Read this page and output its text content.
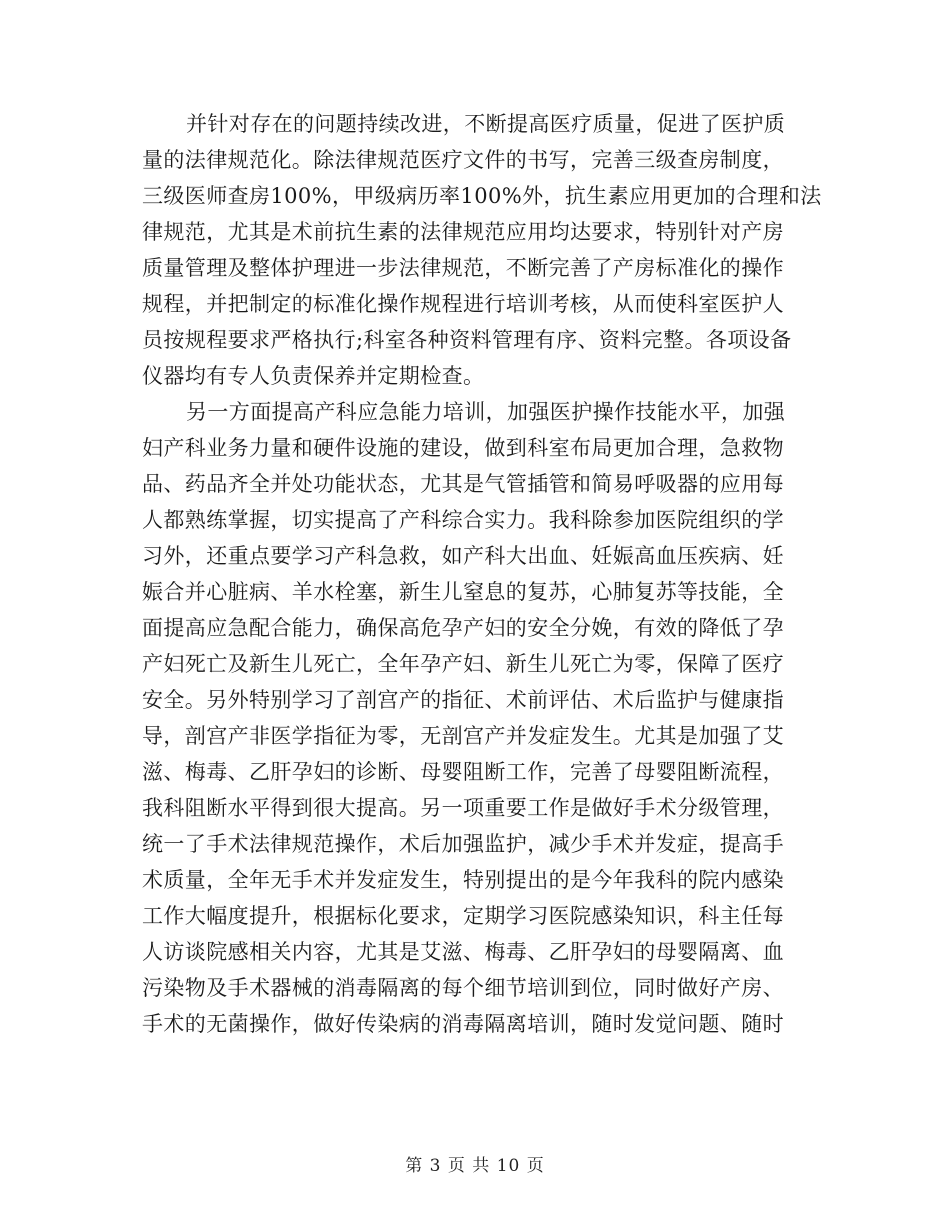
并针对存在的问题持续改进，不断提高医疗质量，促进了医护质
量的法律规范化。除法律规范医疗文件的书写，完善三级查房制度，
三级医师查房100%，甲级病历率100%外，抗生素应用更加的合理和法
律规范，尤其是术前抗生素的法律规范应用均达要求，特别针对产房
质量管理及整体护理进一步法律规范，不断完善了产房标准化的操作
规程，并把制定的标准化操作规程进行培训考核，从而使科室医护人
员按规程要求严格执行;科室各种资料管理有序、资料完整。各项设备
仪器均有专人负责保养并定期检查。
另一方面提高产科应急能力培训，加强医护操作技能水平，加强
妇产科业务力量和硬件设施的建设，做到科室布局更加合理，急救物
品、药品齐全并处功能状态，尤其是气管插管和简易呼吸器的应用每
人都熟练掌握，切实提高了产科综合实力。我科除参加医院组织的学
习外，还重点要学习产科急救，如产科大出血、妊娠高血压疾病、妊
娠合并心脏病、羊水栓塞，新生儿窒息的复苏，心肺复苏等技能，全
面提高应急配合能力，确保高危孕产妇的安全分娩，有效的降低了孕
产妇死亡及新生儿死亡，全年孕产妇、新生儿死亡为零，保障了医疗
安全。另外特别学习了剖宫产的指征、术前评估、术后监护与健康指
导，剖宫产非医学指征为零，无剖宫产并发症发生。尤其是加强了艾
滋、梅毒、乙肝孕妇的诊断、母婴阻断工作，完善了母婴阻断流程，
我科阻断水平得到很大提高。另一项重要工作是做好手术分级管理，
统一了手术法律规范操作，术后加强监护，减少手术并发症，提高手
术质量，全年无手术并发症发生，特别提出的是今年我科的院内感染
工作大幅度提升，根据标化要求，定期学习医院感染知识，科主任每
人访谈院感相关内容，尤其是艾滋、梅毒、乙肝孕妇的母婴隔离、血
污染物及手术器械的消毒隔离的每个细节培训到位，同时做好产房、
手术的无菌操作，做好传染病的消毒隔离培训，随时发觉问题、随时
第 3 页 共 10 页
